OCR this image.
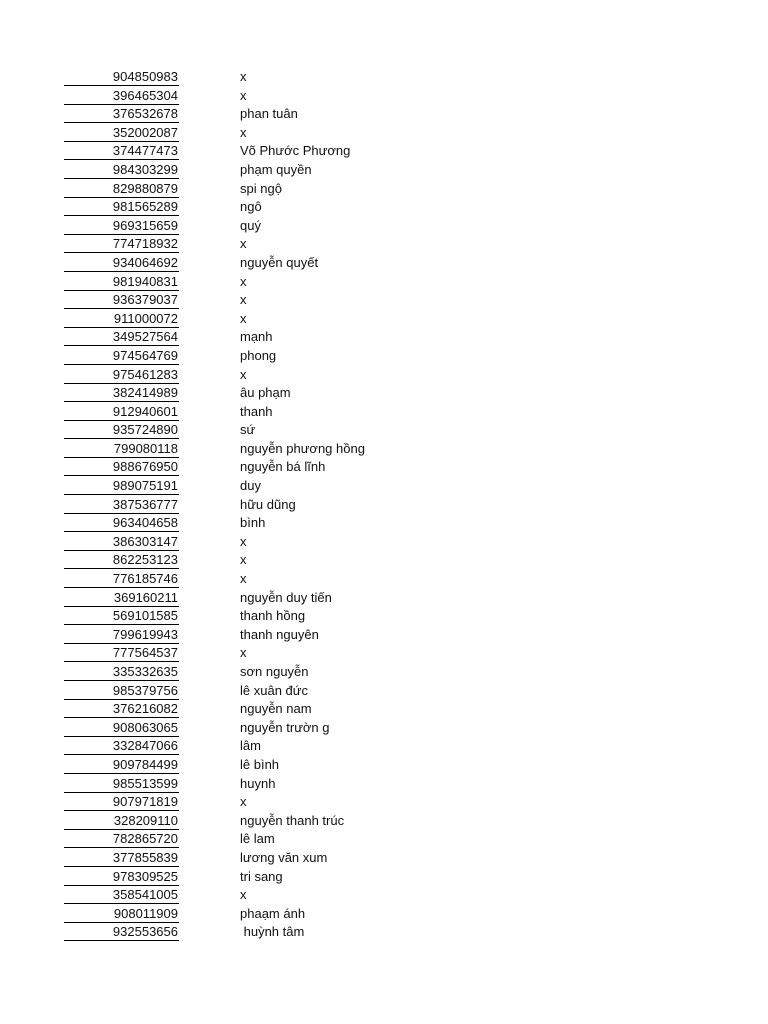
904850983	x
396465304	x
376532678	phan tuân
352002087	x
374477473	Võ Phước Phương
984303299	phạm quyền
829880879	spi ngộ
981565289	ngô
969315659	quý
774718932	x
934064692	nguyễn quyết
981940831	x
936379037	x
911000072	x
349527564	mạnh
974564769	phong
975461283	x
382414989	âu phạm
912940601	thanh
935724890	sứ
799080118	nguyễn phương hồng
988676950	nguyễn bá lĩnh
989075191	duy
387536777	hữu dũng
963404658	bình
386303147	x
862253123	x
776185746	x
369160211	nguyễn duy tiến
569101585	thanh hồng
799619943	thanh nguyên
777564537	x
335332635	sơn nguyễn
985379756	lê xuân đức
376216082	nguyễn nam
908063065	nguyễn trườn g
332847066	lâm
909784499	lê bình
985513599	huynh
907971819	x
328209110	nguyễn thanh trúc
782865720	lê lam
377855839	lương văn xum
978309525	tri sang
358541005	x
908011909	phaạm ánh
932553656	huỳnh tâm
